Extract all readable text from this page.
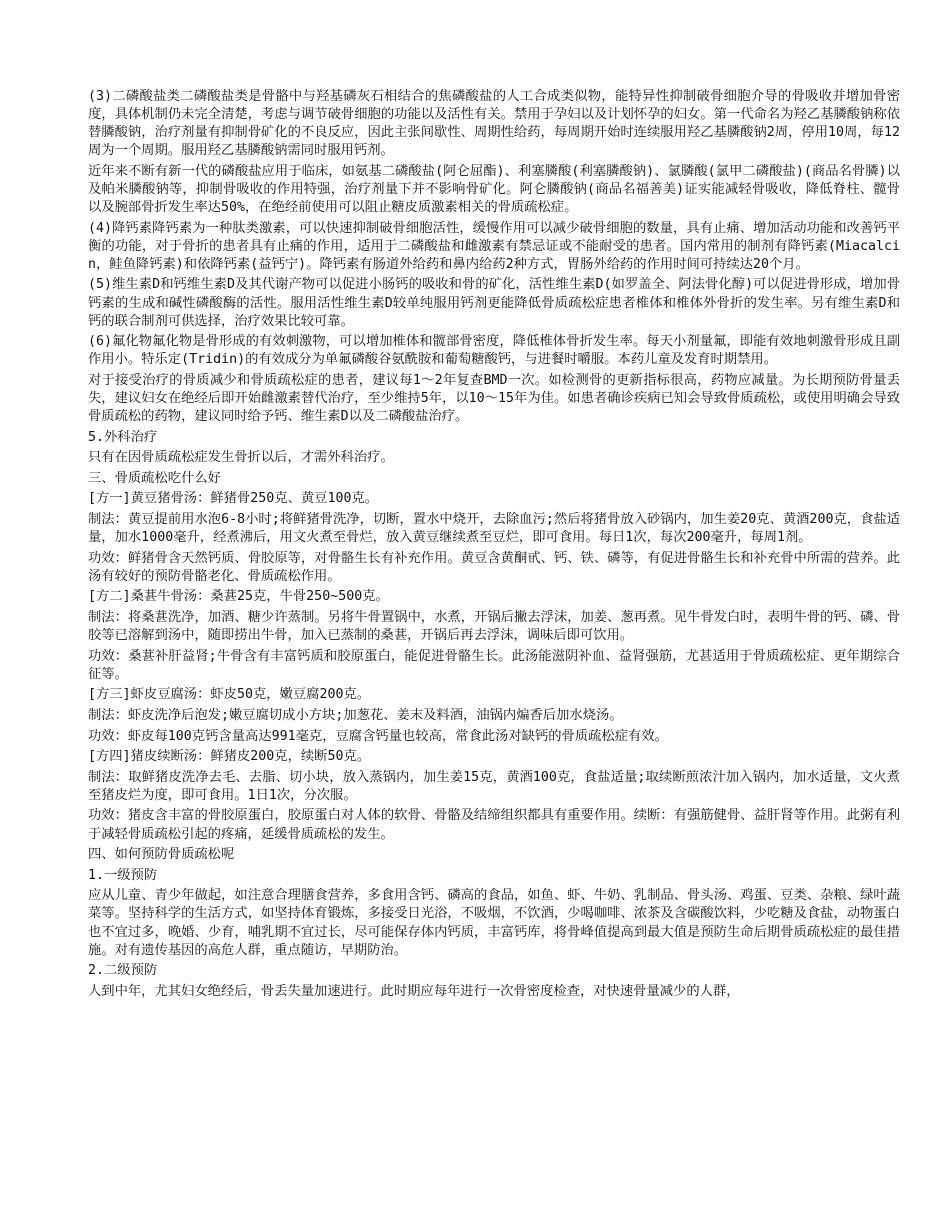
(3)二磷酸盐类二磷酸盐类是骨骼中与羟基磷灰石相结合的焦磷酸盐的人工合成类似物，能特异性抑制破骨细胞介导的骨吸收并增加骨密度，具体机制仍未完全清楚，考虑与调节破骨细胞的功能以及活性有关。禁用于孕妇以及计划怀孕的妇女。第一代命名为羟乙基膦酸钠称依替膦酸钠，治疗剂量有抑制骨矿化的不良反应，因此主张间歇性、周期性给药，每周期开始时连续服用羟乙基膦酸钠2周，停用10周，每12周为一个周期。服用羟乙基膦酸钠需同时服用钙剂。

近年来不断有新一代的磷酸盐应用于临床，如氨基二磷酸盐(阿仑屈酯)、利塞膦酸(利塞膦酸钠)、氯膦酸(氯甲二磷酸盐)(商品名骨膦)以及帕米膦酸钠等，抑制骨吸收的作用特强，治疗剂量下并不影响骨矿化。阿仑膦酸钠(商品名福善美)证实能减轻骨吸收，降低脊柱、髋骨以及腕部骨折发生率达50%，在绝经前使用可以阻止糖皮质激素相关的骨质疏松症。

(4)降钙素降钙素为一种肽类激素，可以快速抑制破骨细胞活性，缓慢作用可以减少破骨细胞的数量，具有止痛、增加活动功能和改善钙平衡的功能，对于骨折的患者具有止痛的作用，适用于二磷酸盐和雌激素有禁忌证或不能耐受的患者。国内常用的制剂有降钙素(Miacalcin，鲑鱼降钙素)和依降钙素(益钙宁)。降钙素有肠道外给药和鼻内给药2种方式，胃肠外给药的作用时间可持续达20个月。

(5)维生素D和钙维生素D及其代谢产物可以促进小肠钙的吸收和骨的矿化，活性维生素D(如罗盖全、阿法骨化醇)可以促进骨形成，增加骨钙素的生成和碱性磷酸酶的活性。服用活性维生素D较单纯服用钙剂更能降低骨质疏松症患者椎体和椎体外骨折的发生率。另有维生素D和钙的联合制剂可供选择，治疗效果比较可靠。

(6)氟化物氟化物是骨形成的有效刺激物，可以增加椎体和髋部骨密度，降低椎体骨折发生率。每天小剂量氟，即能有效地刺激骨形成且副作用小。特乐定(Tridin)的有效成分为单氟磷酸谷氨酰胺和葡萄糖酸钙，与进餐时嚼服。本药儿童及发育时期禁用。

对于接受治疗的骨质减少和骨质疏松症的患者，建议每1～2年复查BMD一次。如检测骨的更新指标很高，药物应减量。为长期预防骨量丢失，建议妇女在绝经后即开始雌激素替代治疗，至少维持5年，以10～15年为佳。如患者确诊疾病已知会导致骨质疏松，或使用明确会导致骨质疏松的药物，建议同时给予钙、维生素D以及二磷酸盐治疗。

5.外科治疗

只有在因骨质疏松症发生骨折以后，才需外科治疗。

三、骨质疏松吃什么好

[方一]黄豆猪骨汤：鲜猪骨250克、黄豆100克。

制法：黄豆提前用水泡6-8小时;将鲜猪骨洗净，切断，置水中烧开，去除血污;然后将猪骨放入砂锅内，加生姜20克、黄酒200克，食盐适量，加水1000毫升，经煮沸后，用文火煮至骨烂，放入黄豆继续煮至豆烂，即可食用。每日1次，每次200毫升，每周1剂。

功效：鲜猪骨含天然钙质、骨胶原等，对骨骼生长有补充作用。黄豆含黄酮甙、钙、铁、磷等，有促进骨骼生长和补充骨中所需的营养。此汤有较好的预防骨骼老化、骨质疏松作用。

[方二]桑葚牛骨汤：桑葚25克，牛骨250~500克。

制法：将桑葚洗净，加酒、糖少许蒸制。另将牛骨置锅中，水煮，开锅后撇去浮沫，加姜、葱再煮。见牛骨发白时，表明牛骨的钙、磷、骨胶等已溶解到汤中，随即捞出牛骨，加入已蒸制的桑葚，开锅后再去浮沫，调味后即可饮用。

功效：桑葚补肝益肾;牛骨含有丰富钙质和胶原蛋白，能促进骨骼生长。此汤能滋阴补血、益肾强筋，尤甚适用于骨质疏松症、更年期综合征等。

[方三]虾皮豆腐汤：虾皮50克，嫩豆腐200克。

制法：虾皮洗净后泡发;嫩豆腐切成小方块;加葱花、姜末及料酒，油锅内煸香后加水烧汤。

功效：虾皮每100克钙含量高达991毫克，豆腐含钙量也较高，常食此汤对缺钙的骨质疏松症有效。

[方四]猪皮续断汤：鲜猪皮200克，续断50克。

制法：取鲜猪皮洗净去毛、去脂、切小块，放入蒸锅内，加生姜15克，黄酒100克，食盐适量;取续断煎浓汁加入锅内，加水适量，文火煮至猪皮烂为度，即可食用。1日1次，分次服。

功效：猪皮含丰富的骨胶原蛋白，胶原蛋白对人体的软骨、骨骼及结缔组织都具有重要作用。续断：有强筋健骨、益肝肾等作用。此粥有利于减轻骨质疏松引起的疼痛，延缓骨质疏松的发生。

四、如何预防骨质疏松呢

1.一级预防

应从儿童、青少年做起，如注意合理膳食营养，多食用含钙、磷高的食品，如鱼、虾、牛奶、乳制品、骨头汤、鸡蛋、豆类、杂粮、绿叶蔬菜等。坚持科学的生活方式，如坚持体育锻炼，多接受日光浴，不吸烟，不饮酒，少喝咖啡、浓茶及含碳酸饮料，少吃糖及食盐，动物蛋白也不宜过多，晚婚、少育，哺乳期不宜过长，尽可能保存体内钙质，丰富钙库，将骨峰值提高到最大值是预防生命后期骨质疏松症的最佳措施。对有遗传基因的高危人群，重点随访，早期防治。

2.二级预防

人到中年，尤其妇女绝经后，骨丢失量加速进行。此时期应每年进行一次骨密度检查，对快速骨量减少的人群，
